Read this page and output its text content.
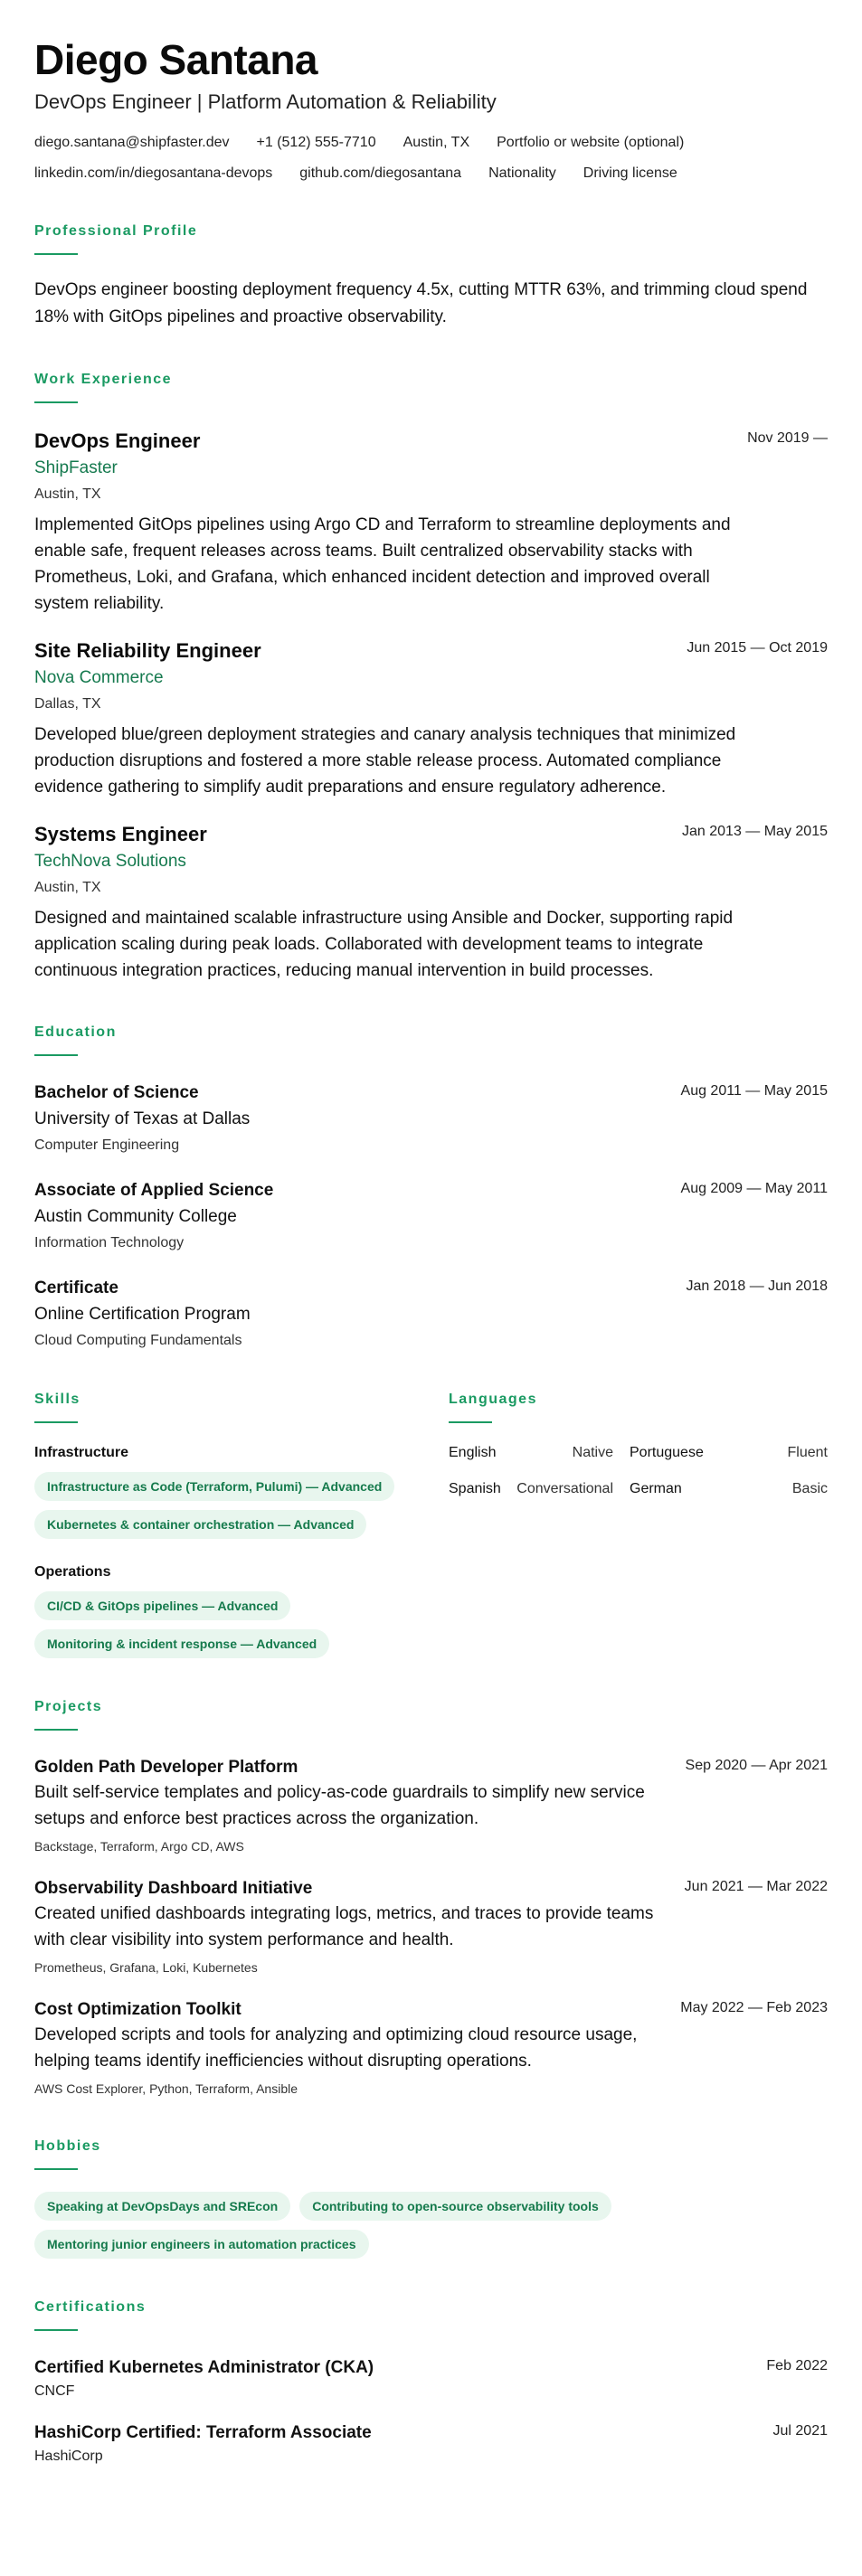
Diego Santana
DevOps Engineer | Platform Automation & Reliability
diego.santana@shipfaster.dev +1 (512) 555-7710 Austin, TX Portfolio or website (optional)
linkedin.com/in/diegosantana-devops github.com/diegosantana Nationality Driving license
Professional Profile

DevOps engineer boosting deployment frequency 4.5x, cutting MTTR 63%, and trimming cloud spend 18% with GitOps pipelines and proactive observability.

Work Experience
Nov 2019 —
DevOps Engineer
ShipFaster
Austin, TX

Implemented GitOps pipelines using Argo CD and Terraform to streamline deployments and enable safe, frequent releases across teams. Built centralized observability stacks with Prometheus, Loki, and Grafana, which enhanced incident detection and improved overall system reliability.

Jun 2015 — Oct 2019
Site Reliability Engineer
Nova Commerce
Dallas, TX

Developed blue/green deployment strategies and canary analysis techniques that minimized production disruptions and fostered a more stable release process. Automated compliance evidence gathering to simplify audit preparations and ensure regulatory adherence.

Jan 2013 — May 2015
Systems Engineer
TechNova Solutions
Austin, TX

Designed and maintained scalable infrastructure using Ansible and Docker, supporting rapid application scaling during peak loads. Collaborated with development teams to integrate continuous integration practices, reducing manual intervention in build processes.

Education
Aug 2011 — May 2015
Bachelor of Science
University of Texas at Dallas
Computer Engineering
Aug 2009 — May 2011
Associate of Applied Science
Austin Community College
Information Technology
Jan 2018 — Jun 2018
Certificate
Online Certification Program
Cloud Computing Fundamentals
Skills
Infrastructure
Infrastructure as Code (Terraform, Pulumi) — Advanced
Kubernetes & container orchestration — Advanced
Operations
CI/CD & GitOps pipelines — Advanced
Monitoring & incident response — Advanced
Languages
English	Native Portuguese	Fluent
Spanish Conversational German	Basic
Projects
Sep 2020 — Apr 2021
Golden Path Developer Platform

Built self-service templates and policy-as-code guardrails to simplify new service setups and enforce best practices across the organization.

Backstage, Terraform, Argo CD, AWS
Jun 2021 — Mar 2022
Observability Dashboard Initiative

Created unified dashboards integrating logs, metrics, and traces to provide teams with clear visibility into system performance and health.

Prometheus, Grafana, Loki, Kubernetes
May 2022 — Feb 2023
Cost Optimization Toolkit

Developed scripts and tools for analyzing and optimizing cloud resource usage, helping teams identify inefficiencies without disrupting operations.

AWS Cost Explorer, Python, Terraform, Ansible
Hobbies
Speaking at DevOpsDays and SREcon	Contributing to open-source observability tools
Mentoring junior engineers in automation practices
Certifications
Feb 2022
Certified Kubernetes Administrator (CKA)
CNCF
Jul 2021
HashiCorp Certified: Terraform Associate
HashiCorp
